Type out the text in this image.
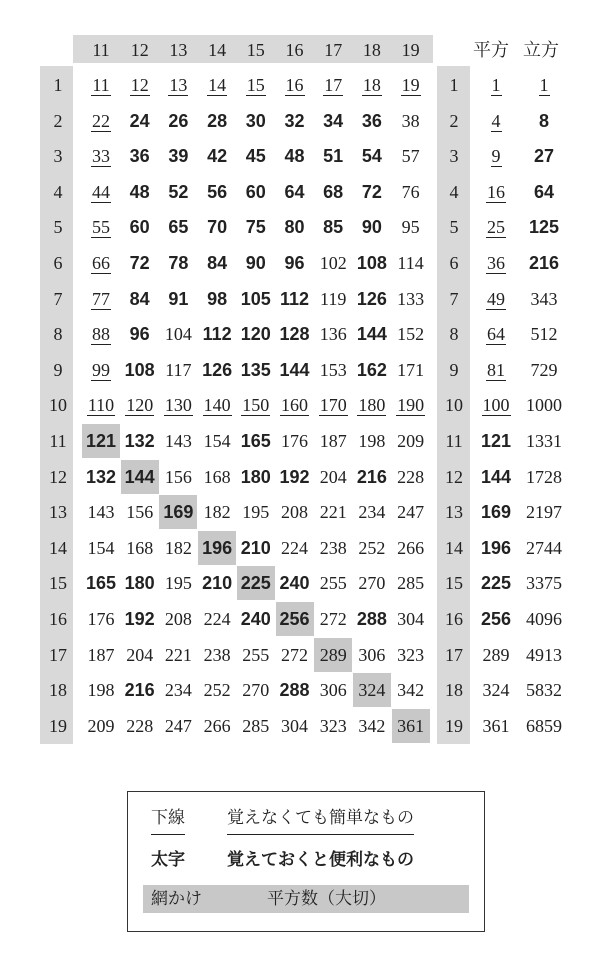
11	12	13	14	15	16	17	18	19	平方 立方
1	11	12	13	14	15	16	17	18	19	1	1	1
2	22	24	26	28	30	32	34	36	38	2	4	8
3	33	36	39	42	45	48	51	54	57	3	9	27
4	44	48	52	56	60	64	68	72	76	4	16	64
5	55	60	65	70	75	80	85	90	95	5	25	125
6	66	72	78	84	90	96 102 108 114	6	36	216
7	77	84	91	98 105 112 119 126 133	7	49	343
8	88	96 104 112 120 128 136 144 152	8	64	512
9	99 108 117 126 135 144 153 162 171	9	81	729
10	110 120 130 140 150 160 170 180 190	10	100 1000
11	121 132 143 154 165 176 187 198 209	11	121 1331
12	132 144 156 168 180 192 204 216 228	12 144 1728
13	143 156 169 182 195 208 221 234 247	13 169 2197
14	154 168 182 196 210 224 238 252 266	14 196 2744
15	165 180 195 210 225 240 255 270 285	15 225 3375
16	176 192 208 224 240 256 272 288 304	16 256 4096
17	187 204 221 238 255 272 289 306 323	17	289 4913
18	198 216 234 252 270 288 306 324 342	18	324 5832
19	209 228 247 266 285 304 323 342 361	19	361 6859
下線 覚えなくても簡単なもの
太字 覚えておくと便利なもの
網かけ	平方数（大切）
